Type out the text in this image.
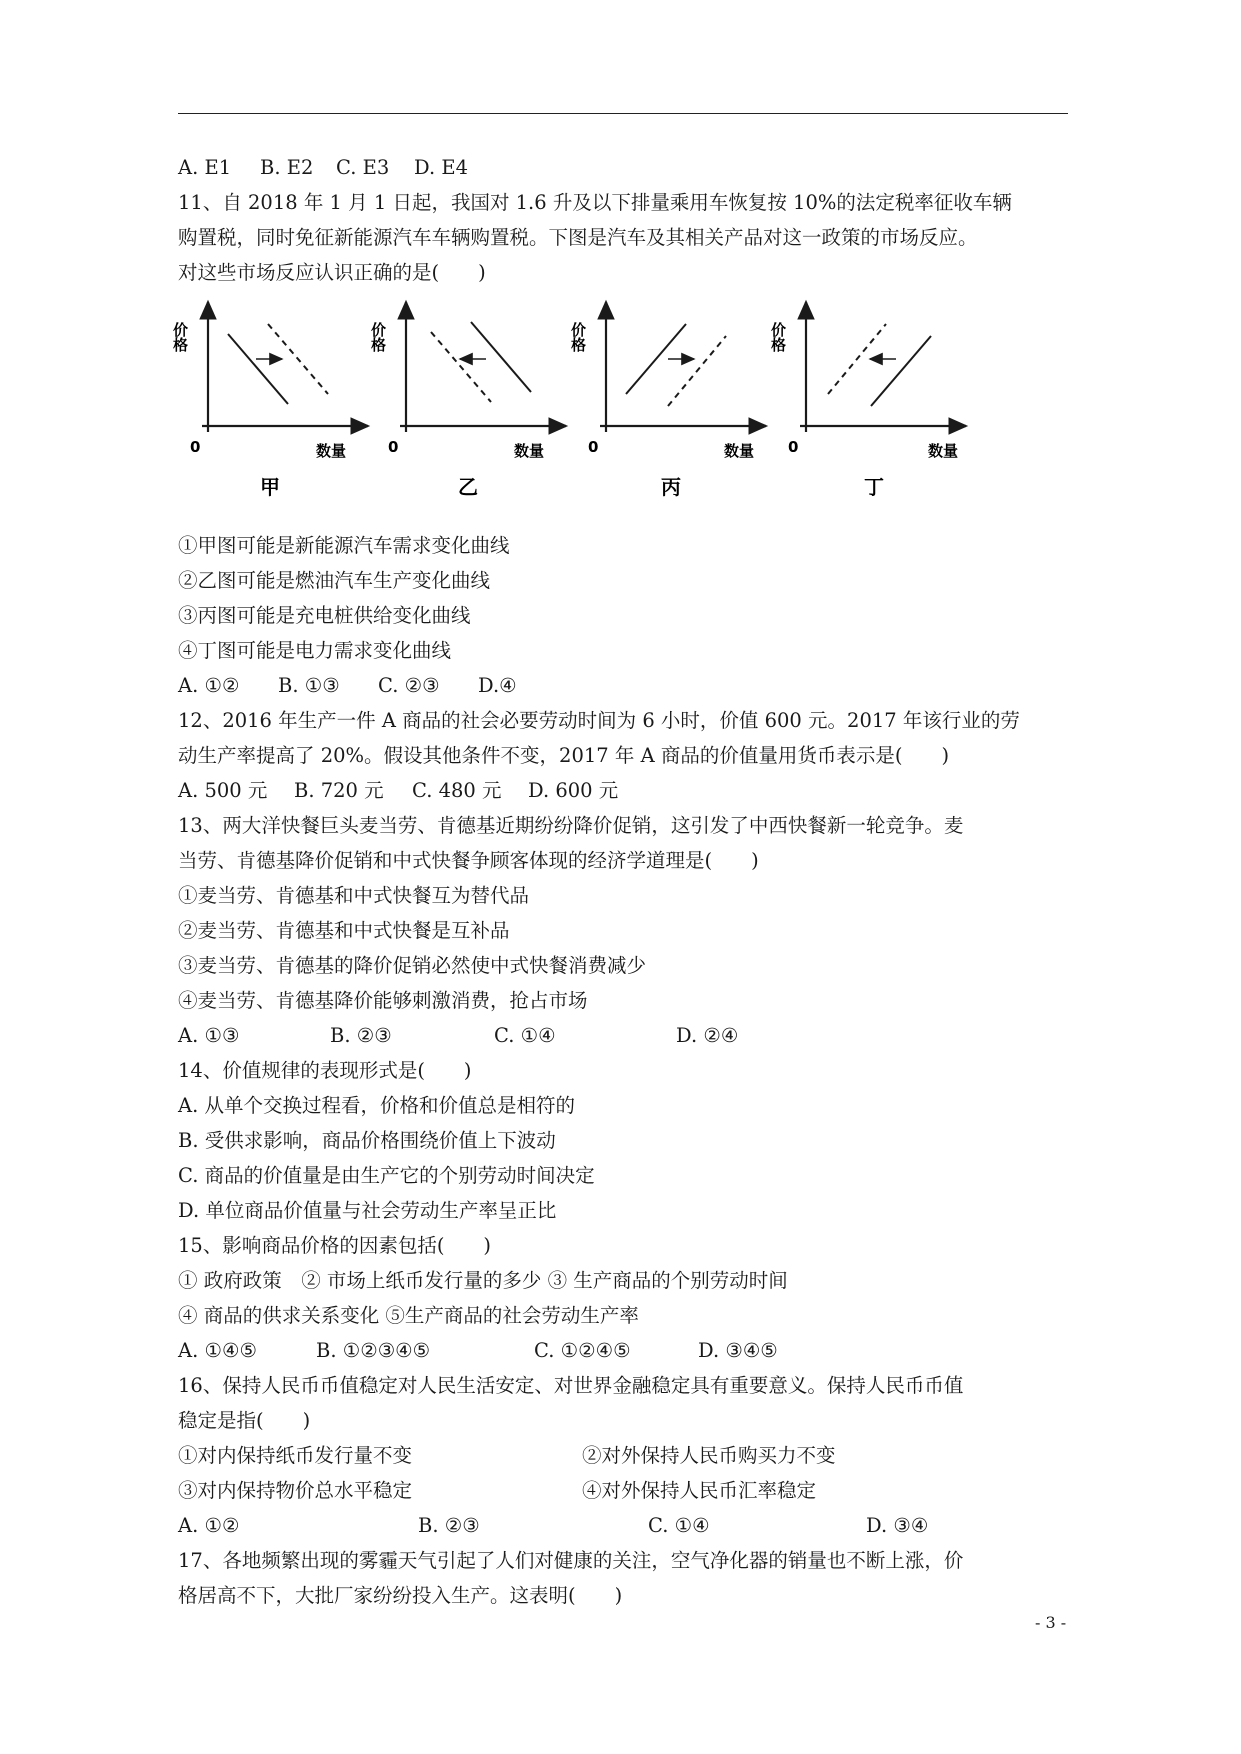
A. E1 B. E2 C. E3 D. E4
11、自 2018 年 1 月 1 日起，我国对 1.6 升及以下排量乘用车恢复按 10%的法定税率征收车辆
购置税，同时免征新能源汽车车辆购置税。下图是汽车及其相关产品对这一政策的市场反应。
对这些市场反应认识正确的是(　　)
价格
0	数量
甲
价格
0	数量
乙
价格
0	数量
丙
价格
0	数量
丁
①甲图可能是新能源汽车需求变化曲线
②乙图可能是燃油汽车生产变化曲线
③丙图可能是充电桩供给变化曲线
④丁图可能是电力需求变化曲线
A. ①② B. ①③ C. ②③ D.④
12、2016 年生产一件 A 商品的社会必要劳动时间为 6 小时，价值 600 元。2017 年该行业的劳
动生产率提高了 20%。假设其他条件不变，2017 年 A 商品的价值量用货币表示是(　　)
A. 500 元 B. 720 元 C. 480 元 D. 600 元
13、两大洋快餐巨头麦当劳、肯德基近期纷纷降价促销，这引发了中西快餐新一轮竞争。麦
当劳、肯德基降价促销和中式快餐争顾客体现的经济学道理是(　　)
①麦当劳、肯德基和中式快餐互为替代品
②麦当劳、肯德基和中式快餐是互补品
③麦当劳、肯德基的降价促销必然使中式快餐消费减少
④麦当劳、肯德基降价能够刺激消费，抢占市场
A. ①③	B. ②③	C. ①④	D. ②④
14、价值规律的表现形式是(　　)
A. 从单个交换过程看，价格和价值总是相符的
B. 受供求影响，商品价格围绕价值上下波动
C. 商品的价值量是由生产它的个别劳动时间决定
D. 单位商品价值量与社会劳动生产率呈正比
15、影响商品价格的因素包括(　　)
① 政府政策　② 市场上纸币发行量的多少 ③ 生产商品的个别劳动时间
④ 商品的供求关系变化 ⑤生产商品的社会劳动生产率
A. ①④⑤	B. ①②③④⑤	C. ①②④⑤	D. ③④⑤
16、保持人民币币值稳定对人民生活安定、对世界金融稳定具有重要意义。保持人民币币值
稳定是指(　　)
①对内保持纸币发行量不变	②对外保持人民币购买力不变
③对内保持物价总水平稳定	④对外保持人民币汇率稳定
A. ①②	B. ②③	C. ①④	D. ③④
17、各地频繁出现的雾霾天气引起了人们对健康的关注，空气净化器的销量也不断上涨，价
格居高不下，大批厂家纷纷投入生产。这表明(　　)
- 3 -
